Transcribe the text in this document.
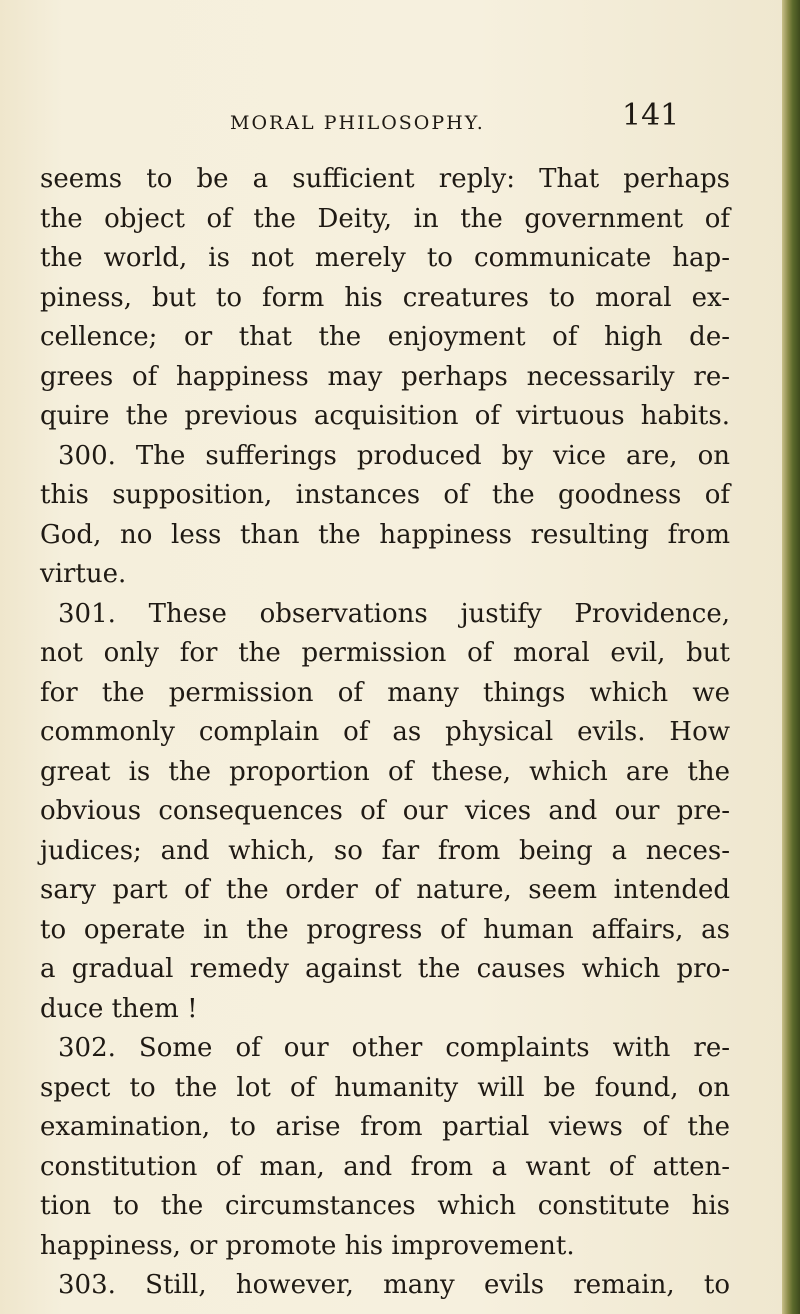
MORAL PHILOSOPHY.	141
seems to be a sufficient reply: That perhaps
the object of the Deity, in the government of
the world, is not merely to communicate hap-
piness, but to form his creatures to moral ex-
cellence; or that the enjoyment of high de-
grees of happiness may perhaps necessarily re-
quire the previous acquisition of virtuous habits.
300. The sufferings produced by vice are, on
this supposition, instances of the goodness of
God, no less than the happiness resulting from
virtue.
301. These observations justify Providence,
not only for the permission of moral evil, but
for the permission of many things which we
commonly complain of as physical evils. How
great is the proportion of these, which are the
obvious consequences of our vices and our pre-
judices; and which, so far from being a neces-
sary part of the order of nature, seem intended
to operate in the progress of human affairs, as
a gradual remedy against the causes which pro-
duce them !
302. Some of our other complaints with re-
spect to the lot of humanity will be found, on
examination, to arise from partial views of the
constitution of man, and from a want of atten-
tion to the circumstances which constitute his
happiness, or promote his improvement.
303. Still, however, many evils remain, to
